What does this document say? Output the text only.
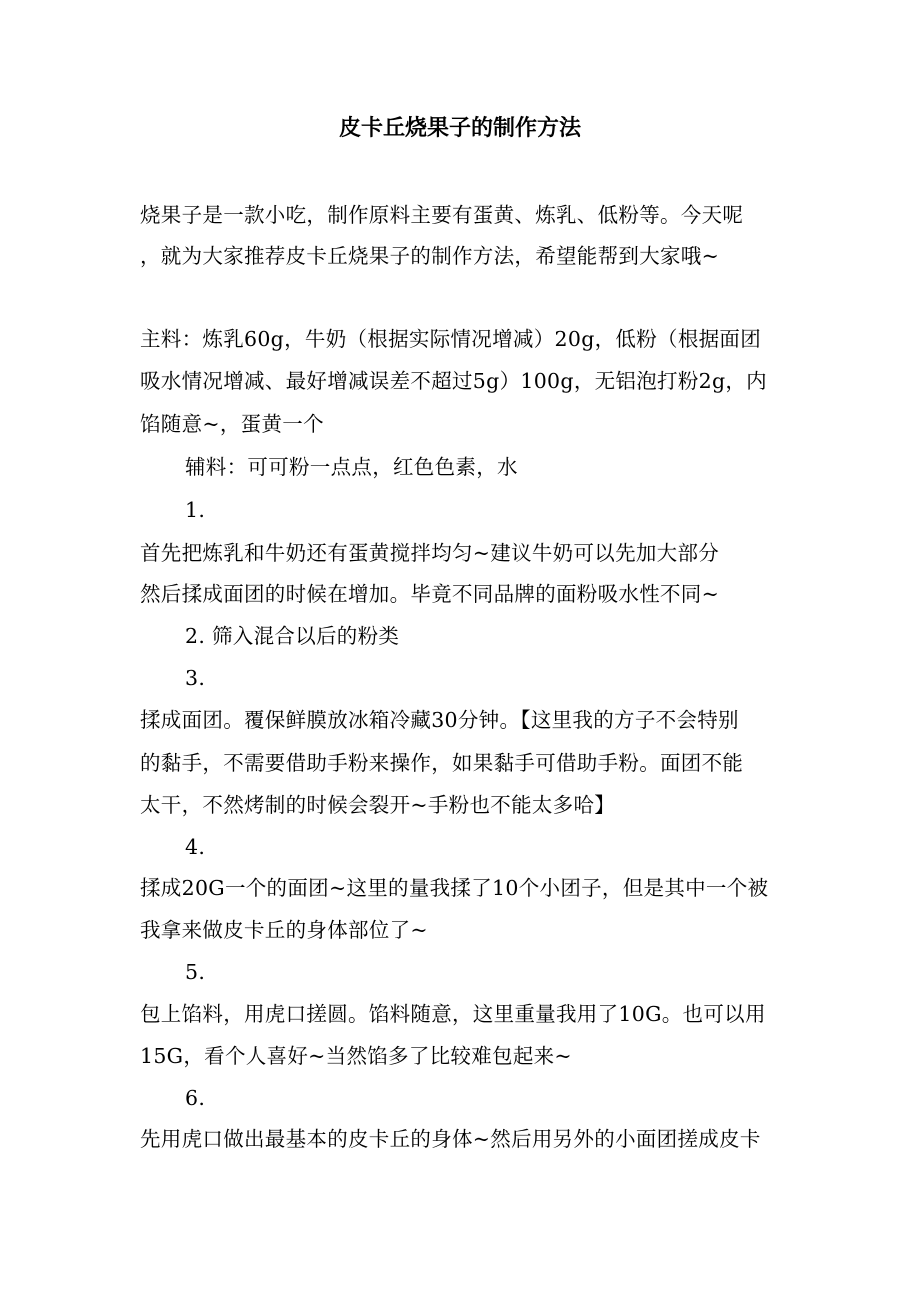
皮卡丘烧果子的制作方法
烧果子是一款小吃，制作原料主要有蛋黄、炼乳、低粉等。今天呢
，就为大家推荐皮卡丘烧果子的制作方法，希望能帮到大家哦~
主料：炼乳60g，牛奶（根据实际情况增减）20g，低粉（根据面团
吸水情况增减、最好增减误差不超过5g）100g，无铝泡打粉2g，内
馅随意~，蛋黄一个
辅料：可可粉一点点，红色色素，水
1.
首先把炼乳和牛奶还有蛋黄搅拌均匀~建议牛奶可以先加大部分
然后揉成面团的时候在增加。毕竟不同品牌的面粉吸水性不同~
2. 筛入混合以后的粉类
3.
揉成面团。覆保鲜膜放冰箱冷藏30分钟。【这里我的方子不会特别
的黏手，不需要借助手粉来操作，如果黏手可借助手粉。面团不能
太干，不然烤制的时候会裂开~手粉也不能太多哈】
4.
揉成20G一个的面团~这里的量我揉了10个小团子，但是其中一个被
我拿来做皮卡丘的身体部位了~
5.
包上馅料，用虎口搓圆。馅料随意，这里重量我用了10G。也可以用
15G，看个人喜好~当然馅多了比较难包起来~
6.
先用虎口做出最基本的皮卡丘的身体~然后用另外的小面团搓成皮卡
